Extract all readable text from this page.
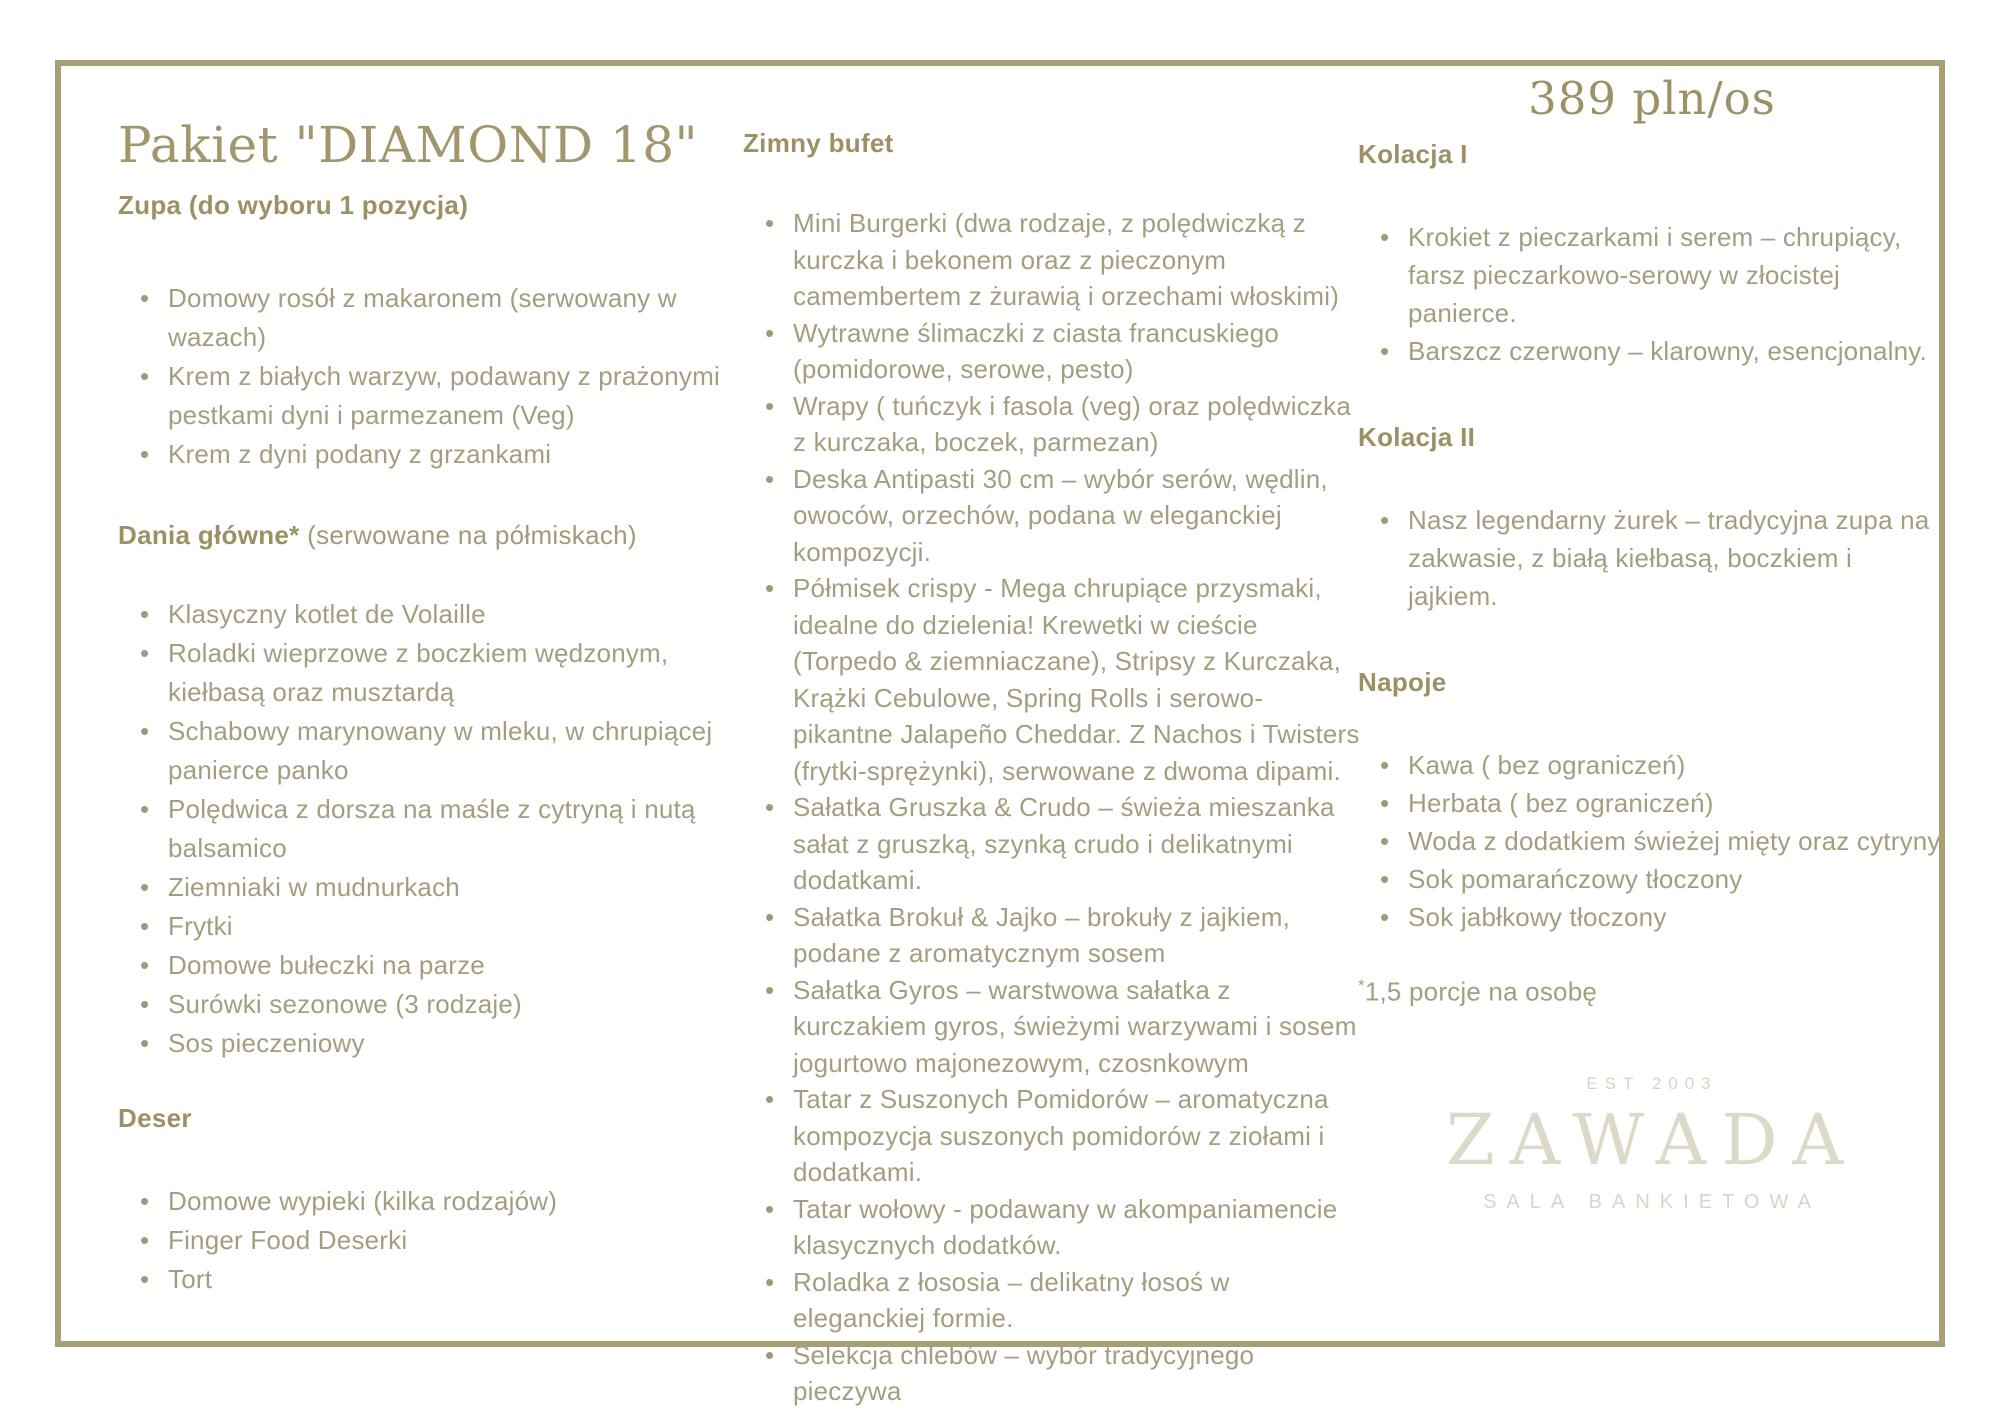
Pakiet "DIAMOND 18"
Zupa (do wyboru 1 pozycja)
• Domowy rosół z makaronem (serwowany w wazach)
• Krem z białych warzyw, podawany z prażonymi pestkami dyni i parmezanem (Veg)
• Krem z dyni podany z grzankami
Dania główne* (serwowane na półmiskach)
• Klasyczny kotlet de Volaille
• Roladki wieprzowe z boczkiem wędzonym, kiełbasą oraz musztardą
• Schabowy marynowany w mleku, w chrupiącej panierce panko
• Polędwica z dorsza na maśle z cytryną i nutą balsamico
• Ziemniaki w mudnurkach
• Frytki
• Domowe bułeczki na parze
• Surówki sezonowe (3 rodzaje)
• Sos pieczeniowy
Deser
• Domowe wypieki (kilka rodzajów)
• Finger Food Deserki
• Tort
Zimny bufet
• Mini Burgerki (dwa rodzaje, z polędwiczką z kurczka i bekonem oraz z pieczonym camembertem z żurawią i orzechami włoskimi)
• Wytrawne ślimaczki z ciasta francuskiego (pomidorowe, serowe, pesto)
• Wrapy ( tuńczyk i fasola (veg) oraz polędwiczka z kurczaka, boczek, parmezan)
• Deska Antipasti 30 cm – wybór serów, wędlin, owoców, orzechów, podana w eleganckiej kompozycji.
• Półmisek crispy - Mega chrupiące przysmaki, idealne do dzielenia! Krewetki w cieście (Torpedo & ziemniaczane), Stripsy z Kurczaka, Krążki Cebulowe, Spring Rolls i serowo-pikantne Jalapeño Cheddar. Z Nachos i Twisters (frytki-sprężynki), serwowane z dwoma dipami.
• Sałatka Gruszka & Crudo – świeża mieszanka sałat z gruszką, szynką crudo i delikatnymi dodatkami.
• Sałatka Brokuł & Jajko – brokuły z jajkiem, podane z aromatycznym sosem
• Sałatka Gyros – warstwowa sałatka z kurczakiem gyros, świeżymi warzywami i sosem jogurtowo majonezowym, czosnkowym
• Tatar z Suszonych Pomidorów – aromatyczna kompozycja suszonych pomidorów z ziołami i dodatkami.
• Tatar wołowy - podawany w akompaniamencie klasycznych dodatków.
• Roladka z łososia – delikatny łosoś w eleganckiej formie.
• Selekcja chlebów – wybór tradycyjnego pieczywa
389 pln/os
Kolacja I
• Krokiet z pieczarkami i serem – chrupiący, farsz pieczarkowo-serowy w złocistej panierce.
• Barszcz czerwony – klarowny, esencjonalny.
Kolacja II
• Nasz legendarny żurek – tradycyjna zupa na zakwasie, z białą kiełbasą, boczkiem i jajkiem.
Napoje
• Kawa ( bez ograniczeń)
• Herbata ( bez ograniczeń)
• Woda z dodatkiem świeżej mięty oraz cytryny
• Sok pomarańczowy tłoczony
• Sok jabłkowy tłoczony
*1,5 porcje na osobę
EST 2003
ZAWADA
SALA BANKIETOWA
